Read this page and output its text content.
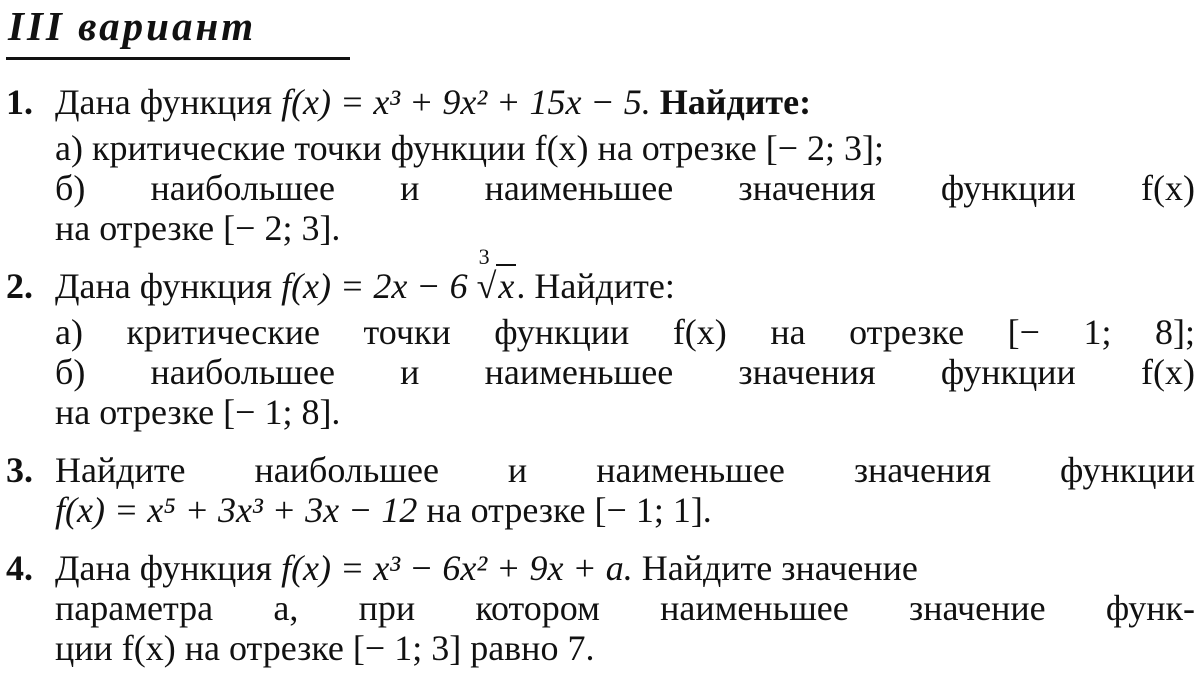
III вариант
1. Дана функция f(x) = x³ + 9x² + 15x − 5. Найдите:
а) критические точки функции f(x) на отрезке [− 2; 3];
б) наибольшее и наименьшее значения функции f(x)
на отрезке [− 2; 3].
2. Дана функция f(x) = 2x − 6
3
√x. Найдите:
а) критические точки функции f(x) на отрезке [− 1; 8];
б) наибольшее и наименьшее значения функции f(x)
на отрезке [− 1; 8].
3. Найдите наибольшее и наименьшее значения функции
f(x) = x⁵ + 3x³ + 3x − 12 на отрезке [− 1; 1].
4. Дана функция f(x) = x³ − 6x² + 9x + a. Найдите значение
параметра a, при котором наименьшее значение функ-
ции f(x) на отрезке [− 1; 3] равно 7.
